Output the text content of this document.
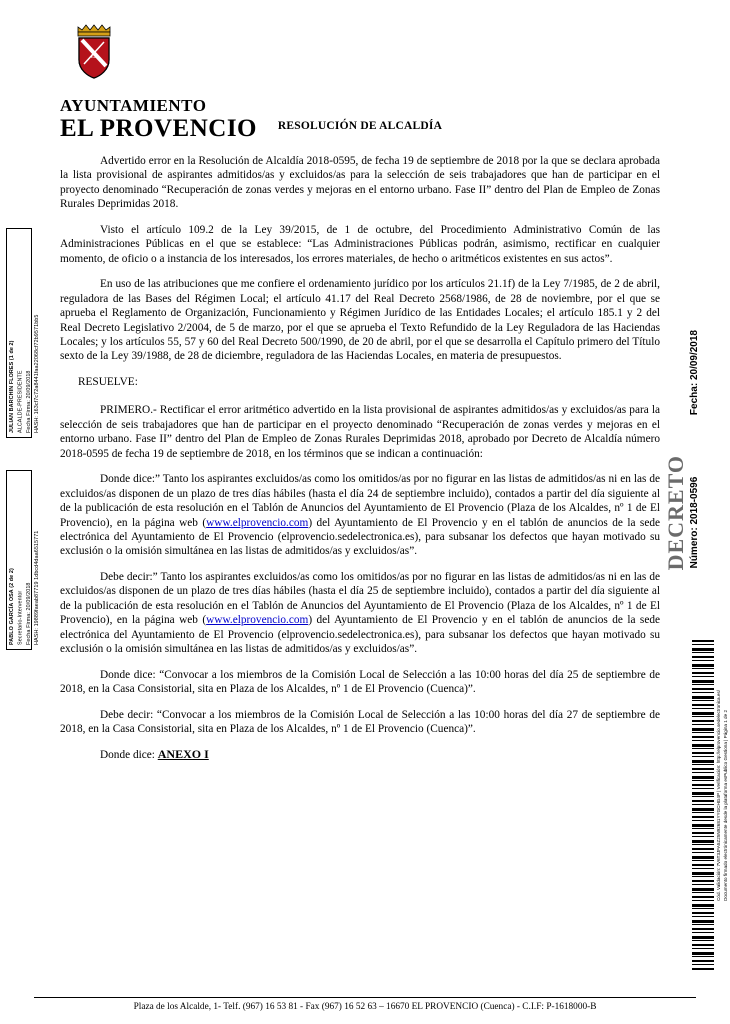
JULIAN BARCHIN FLORES (1 de 2) ALCALDE-PRESIDENTE Fecha Firma: 20/09/2018 HASH: 163cf7c72a8441faa22068cf72b9571bb5
PABLO GARCÍA OSA (2 de 2) Secretario-Interventor Fecha Firma: 20/09/2018 HASH: 19889faeab87719 1dbcd4daa6515771
Fecha: 20/09/2018
DECRETO Número: 2018-0596
Cód. Validación: 7V6T3JFA5Z25N92681YYGCHG4P | Verificación: http://elprovencio.sedelectronica.es/ Documento firmado electrónicamente desde la plataforma esPublico Gestiona | Página 1 de 2
EL
AYUNTAMIENTO
EL PROVENCIO	RESOLUCIÓN DE ALCALDÍA

Advertido error en la Resolución de Alcaldía 2018-0595, de fecha 19 de septiembre de 2018 por la que se declara aprobada la lista provisional de aspirantes admitidos/as y excluidos/as para la selección de seis trabajadores que han de participar en el proyecto denominado “Recuperación de zonas verdes y mejoras en el entorno urbano. Fase II” dentro del Plan de Empleo de Zonas Rurales Deprimidas 2018.

Visto el artículo 109.2 de la Ley 39/2015, de 1 de octubre, del Procedimiento Administrativo Común de las Administraciones Públicas en el que se establece: “Las Administraciones Públicas podrán, asimismo, rectificar en cualquier momento, de oficio o a instancia de los interesados, los errores materiales, de hecho o aritméticos existentes en sus actos”.

En uso de las atribuciones que me confiere el ordenamiento jurídico por los artículos 21.1f) de la Ley 7/1985, de 2 de abril, reguladora de las Bases del Régimen Local; el artículo 41.17 del Real Decreto 2568/1986, de 28 de noviembre, por el que se aprueba el Reglamento de Organización, Funcionamiento y Régimen Jurídico de las Entidades Locales; el artículo 185.1 y 2 del Real Decreto Legislativo 2/2004, de 5 de marzo, por el que se aprueba el Texto Refundido de la Ley Reguladora de las Haciendas Locales; y los artículos 55, 57 y 60 del Real Decreto 500/1990, de 20 de abril, por el que se desarrolla el Capítulo primero del Título sexto de la Ley 39/1988, de 28 de diciembre, reguladora de las Haciendas Locales, en materia de presupuestos.

RESUELVE:

PRIMERO.- Rectificar el error aritmético advertido en la lista provisional de aspirantes admitidos/as y excluidos/as para la selección de seis trabajadores que han de participar en el proyecto denominado “Recuperación de zonas verdes y mejoras en el entorno urbano. Fase II” dentro del Plan de Empleo de Zonas Rurales Deprimidas 2018, aprobado por Decreto de Alcaldía número 2018-0595 de fecha 19 de septiembre de 2018, en los términos que se indican a continuación:

Donde dice:” Tanto los aspirantes excluidos/as como los omitidos/as por no figurar en las listas de admitidos/as ni en las de excluidos/as disponen de un plazo de tres días hábiles (hasta el día 24 de septiembre incluido), contados a partir del día siguiente al de la publicación de esta resolución en el Tablón de Anuncios del Ayuntamiento de El Provencio (Plaza de los Alcaldes, nº 1 de El Provencio), en la página web (www.elprovencio.com) del Ayuntamiento de El Provencio y en el tablón de anuncios de la sede electrónica del Ayuntamiento de El Provencio (elprovencio.sedelectronica.es), para subsanar los defectos que hayan motivado su exclusión o la omisión simultánea en las listas de admitidos/as y excluidos/as”.

Debe decir:” Tanto los aspirantes excluidos/as como los omitidos/as por no figurar en las listas de admitidos/as ni en las de excluidos/as disponen de un plazo de tres días hábiles (hasta el día 25 de septiembre incluido), contados a partir del día siguiente al de la publicación de esta resolución en el Tablón de Anuncios del Ayuntamiento de El Provencio (Plaza de los Alcaldes, nº 1 de El Provencio), en la página web (www.elprovencio.com) del Ayuntamiento de El Provencio y en el tablón de anuncios de la sede electrónica del Ayuntamiento de El Provencio (elprovencio.sedelectronica.es), para subsanar los defectos que hayan motivado su exclusión o la omisión simultánea en las listas de admitidos/as y excluidos/as”.

Donde dice: “Convocar a los miembros de la Comisión Local de Selección a las 10:00 horas del día 25 de septiembre de 2018, en la Casa Consistorial, sita en Plaza de los Alcaldes, nº 1 de El Provencio (Cuenca)”.

Debe decir: “Convocar a los miembros de la Comisión Local de Selección a las 10:00 horas del día 27 de septiembre de 2018, en la Casa Consistorial, sita en Plaza de los Alcaldes, nº 1 de El Provencio (Cuenca)”.

Donde dice: ANEXO I

Plaza de los Alcalde, 1- Telf. (967) 16 53 81 - Fax (967) 16 52 63 – 16670 EL PROVENCIO (Cuenca) - C.I.F: P-1618000-B
